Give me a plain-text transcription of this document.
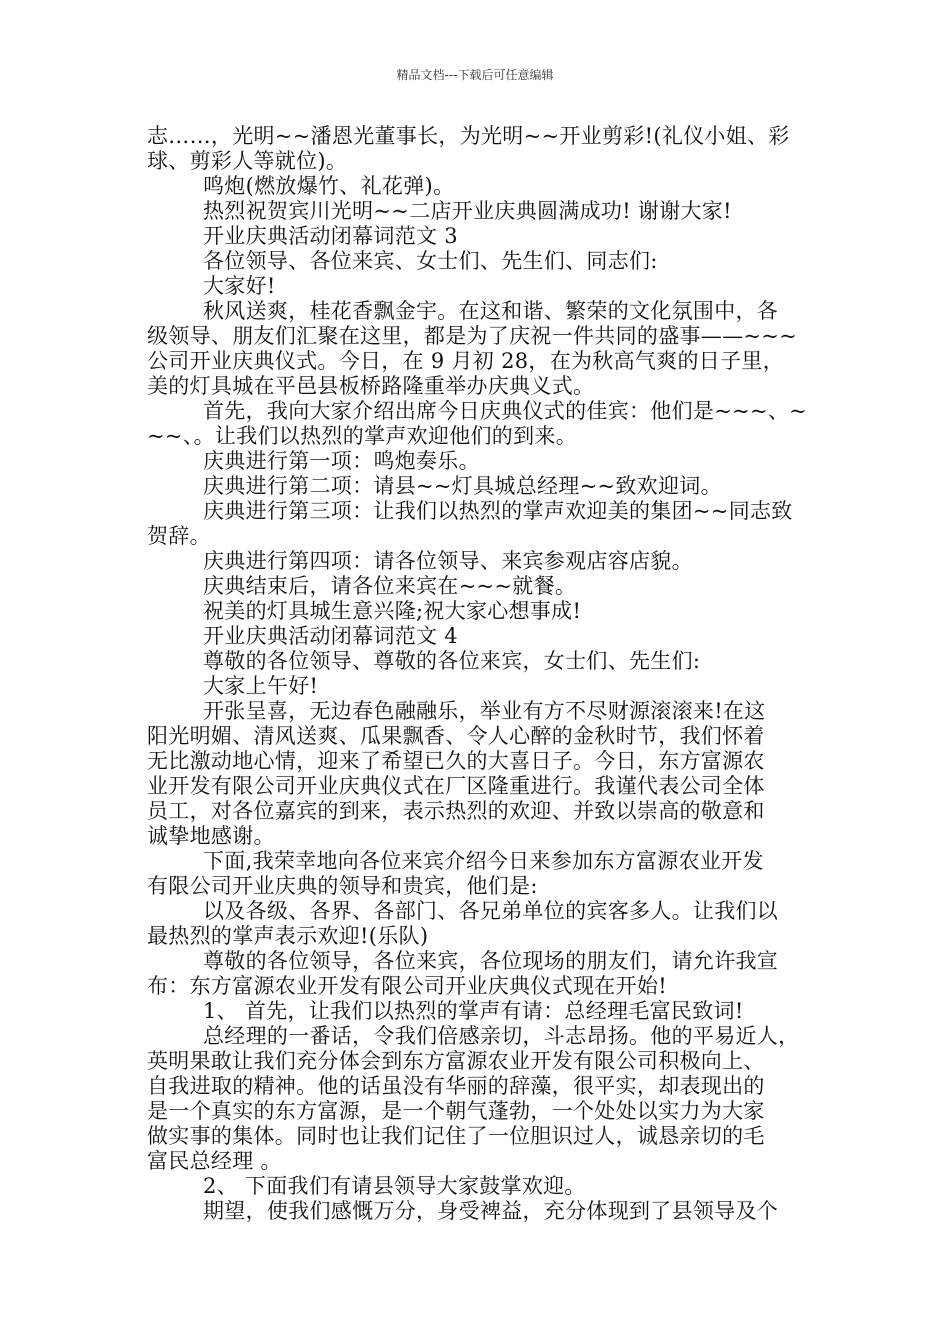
精品文档---下载后可任意编辑
志……，光明~~潘恩光董事长，为光明~~开业剪彩!(礼仪小姐、彩
球、剪彩人等就位)。
鸣炮(燃放爆竹、礼花弹)。
热烈祝贺宾川光明~~二店开业庆典圆满成功! 谢谢大家!
开业庆典活动闭幕词范文 3
各位领导、各位来宾、女士们、先生们、同志们:
大家好!
秋风送爽，桂花香飘金宇。在这和谐、繁荣的文化氛围中，各
级领导、朋友们汇聚在这里，都是为了庆祝一件共同的盛事——~~~
公司开业庆典仪式。今日，在 9 月初 28，在为秋高气爽的日子里，
美的灯具城在平邑县板桥路隆重举办庆典义式。
首先，我向大家介绍出席今日庆典仪式的佳宾：他们是~~~、~
~~、。让我们以热烈的掌声欢迎他们的到来。
庆典进行第一项：鸣炮奏乐。
庆典进行第二项：请县~~灯具城总经理~~致欢迎词。
庆典进行第三项：让我们以热烈的掌声欢迎美的集团~~同志致
贺辞。
庆典进行第四项：请各位领导、来宾参观店容店貌。
庆典结束后，请各位来宾在~~~就餐。
祝美的灯具城生意兴隆;祝大家心想事成!
开业庆典活动闭幕词范文 4
尊敬的各位领导、尊敬的各位来宾，女士们、先生们:
大家上午好!
开张呈喜，无边春色融融乐，举业有方不尽财源滚滚来!在这
阳光明媚、清风送爽、瓜果飘香、令人心醉的金秋时节，我们怀着
无比激动地心情，迎来了希望已久的大喜日子。今日，东方富源农
业开发有限公司开业庆典仪式在厂区隆重进行。我谨代表公司全体
员工，对各位嘉宾的到来，表示热烈的欢迎、并致以崇高的敬意和
诚挚地感谢。
下面,我荣幸地向各位来宾介绍今日来参加东方富源农业开发
有限公司开业庆典的领导和贵宾，他们是:
以及各级、各界、各部门、各兄弟单位的宾客多人。让我们以
最热烈的掌声表示欢迎!(乐队)
尊敬的各位领导，各位来宾，各位现场的朋友们，请允许我宣
布：东方富源农业开发有限公司开业庆典仪式现在开始!
1、 首先，让我们以热烈的掌声有请：总经理毛富民致词!
总经理的一番话，令我们倍感亲切，斗志昂扬。他的平易近人，
英明果敢让我们充分体会到东方富源农业开发有限公司积极向上、
自我进取的精神。他的话虽没有华丽的辞藻，很平实，却表现出的
是一个真实的东方富源，是一个朝气蓬勃，一个处处以实力为大家
做实事的集体。同时也让我们记住了一位胆识过人，诚恳亲切的毛
富民总经理 。
2、 下面我们有请县领导大家鼓掌欢迎。
期望，使我们感慨万分，身受裨益，充分体现到了县领导及个
